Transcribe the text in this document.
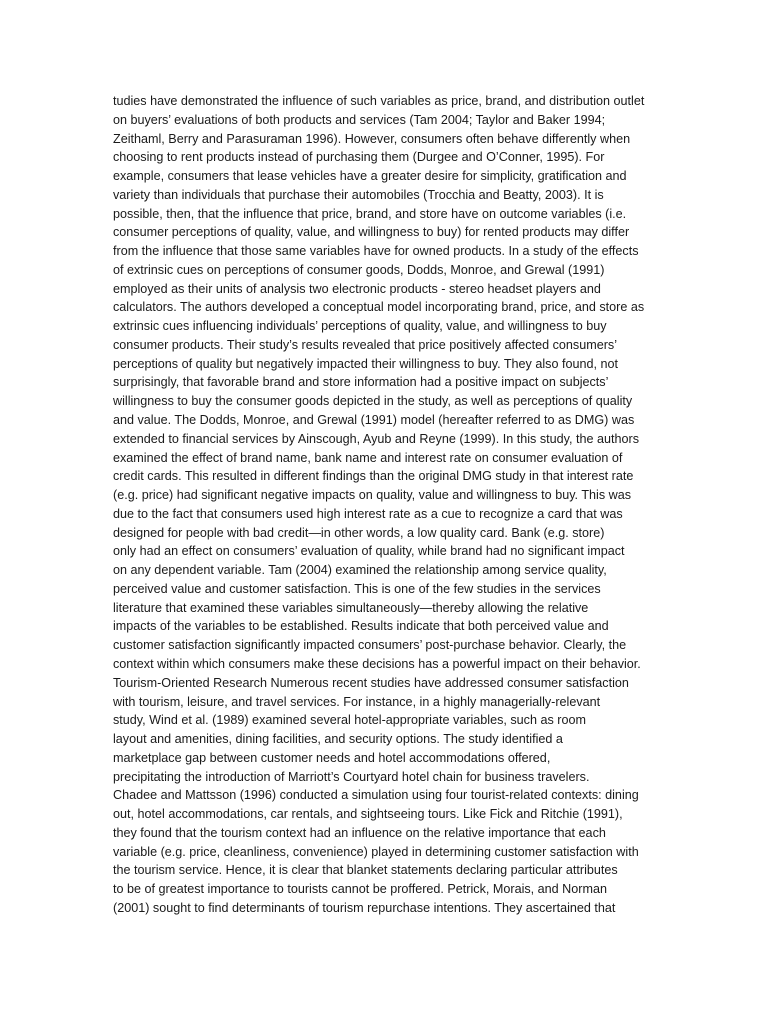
tudies have demonstrated the influence of such variables as price, brand, and distribution outlet
on buyers’ evaluations of both products and services (Tam 2004; Taylor and Baker 1994;
Zeithaml, Berry and Parasuraman 1996). However, consumers often behave differently when
choosing to rent products instead of purchasing them (Durgee and O’Conner, 1995). For
example, consumers that lease vehicles have a greater desire for simplicity, gratification and
variety than individuals that purchase their automobiles (Trocchia and Beatty, 2003). It is
possible, then, that the influence that price, brand, and store have on outcome variables (i.e.
consumer perceptions of quality, value, and willingness to buy) for rented products may differ
from the influence that those same variables have for owned products. In a study of the effects
of extrinsic cues on perceptions of consumer goods, Dodds, Monroe, and Grewal (1991)
employed as their units of analysis two electronic products - stereo headset players and
calculators. The authors developed a conceptual model incorporating brand, price, and store as
extrinsic cues influencing individuals’ perceptions of quality, value, and willingness to buy
consumer products. Their study’s results revealed that price positively affected consumers’
perceptions of quality but negatively impacted their willingness to buy. They also found, not
surprisingly, that favorable brand and store information had a positive impact on subjects’
willingness to buy the consumer goods depicted in the study, as well as perceptions of quality
and value. The Dodds, Monroe, and Grewal (1991) model (hereafter referred to as DMG) was
extended to financial services by Ainscough, Ayub and Reyne (1999). In this study, the authors
examined the effect of brand name, bank name and interest rate on consumer evaluation of
credit cards. This resulted in different findings than the original DMG study in that interest rate
(e.g. price) had significant negative impacts on quality, value and willingness to buy. This was
due to the fact that consumers used high interest rate as a cue to recognize a card that was
designed for people with bad credit—in other words, a low quality card. Bank (e.g. store)
only had an effect on consumers’ evaluation of quality, while brand had no significant impact
on any dependent variable. Tam (2004) examined the relationship among service quality,
perceived value and customer satisfaction. This is one of the few studies in the services
literature that examined these variables simultaneously—thereby allowing the relative
impacts of the variables to be established. Results indicate that both perceived value and
customer satisfaction significantly impacted consumers’ post-purchase behavior. Clearly, the
context within which consumers make these decisions has a powerful impact on their behavior.
Tourism-Oriented Research Numerous recent studies have addressed consumer satisfaction
with tourism, leisure, and travel services. For instance, in a highly managerially-relevant
study, Wind et al. (1989) examined several hotel-appropriate variables, such as room
layout and amenities, dining facilities, and security options. The study identified a
marketplace gap between customer needs and hotel accommodations offered,
precipitating the introduction of Marriott’s Courtyard hotel chain for business travelers.
Chadee and Mattsson (1996) conducted a simulation using four tourist-related contexts: dining
out, hotel accommodations, car rentals, and sightseeing tours. Like Fick and Ritchie (1991),
they found that the tourism context had an influence on the relative importance that each
variable (e.g. price, cleanliness, convenience) played in determining customer satisfaction with
the tourism service. Hence, it is clear that blanket statements declaring particular attributes
to be of greatest importance to tourists cannot be proffered. Petrick, Morais, and Norman
(2001) sought to find determinants of tourism repurchase intentions. They ascertained that
